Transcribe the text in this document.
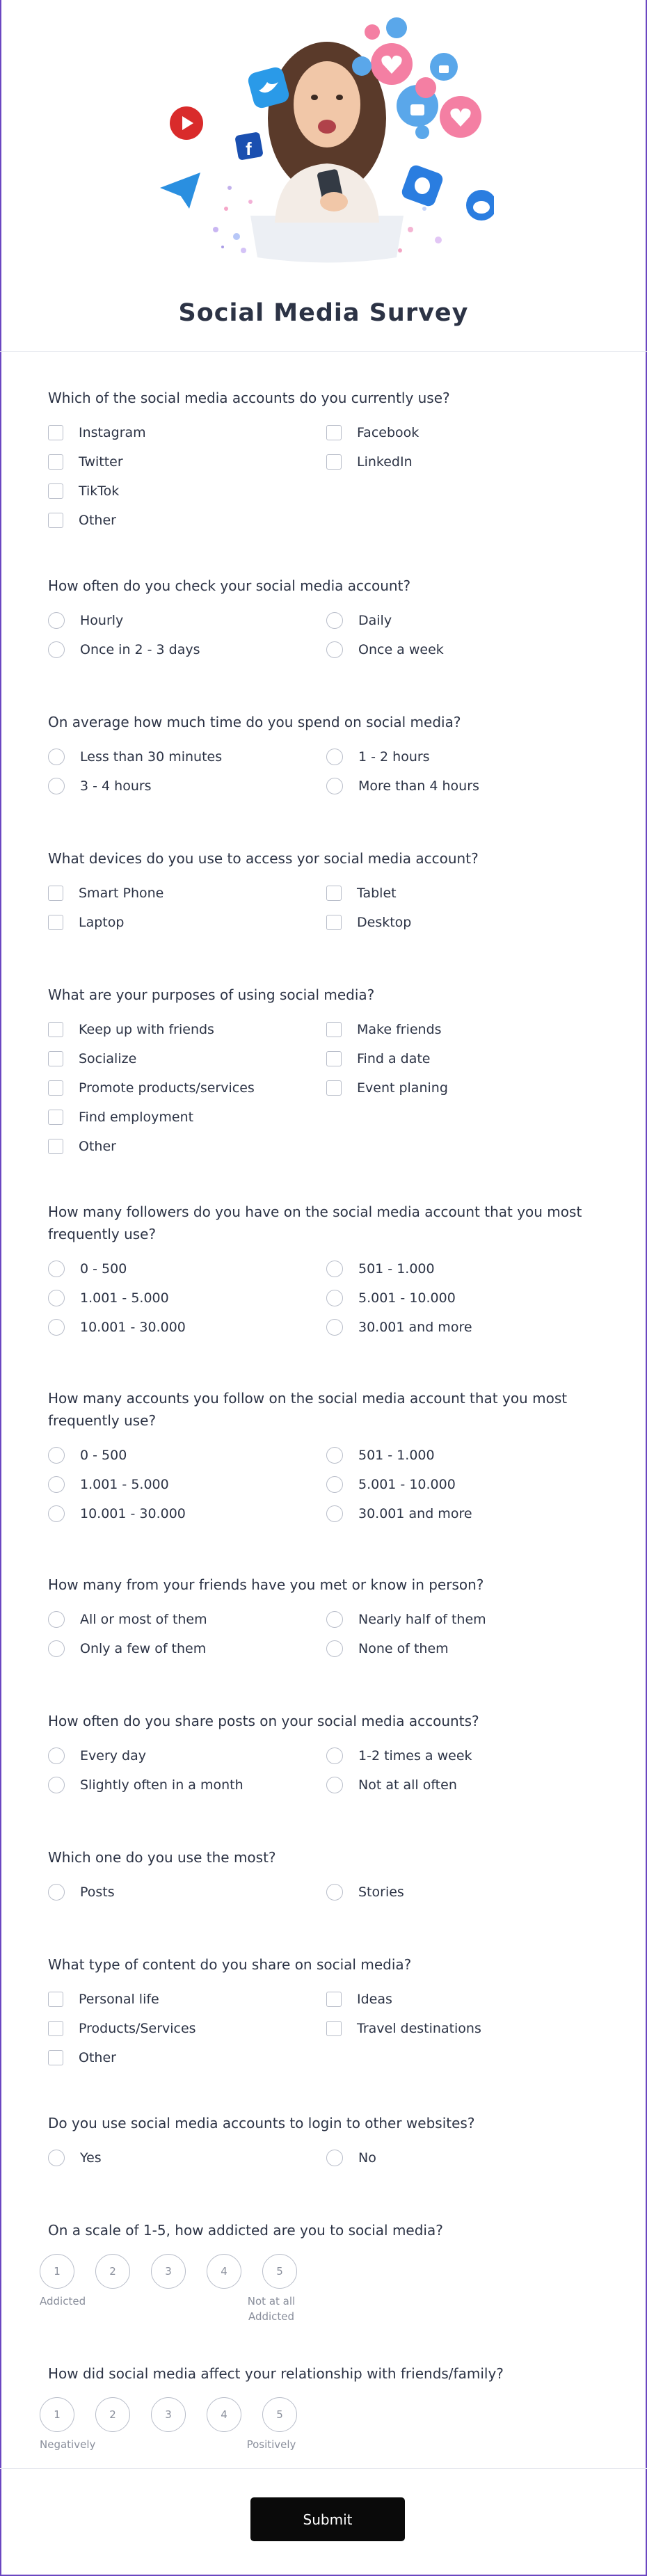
f
Social Media Survey
Which of the social media accounts do you currently use?
Instagram	Facebook
Twitter	LinkedIn
TikTok
Other
How often do you check your social media account?
Hourly	Daily
Once in 2 - 3 days	Once a week
On average how much time do you spend on social media?
Less than 30 minutes	1 - 2 hours
3 - 4 hours	More than 4 hours
What devices do you use to access yor social media account?
Smart Phone	Tablet
Laptop	Desktop
What are your purposes of using social media?
Keep up with friends	Make friends
Socialize	Find a date
Promote products/services	Event planing
Find employment
Other
How many followers do you have on the social media account that you most frequently use?
0 - 500	501 - 1.000
1.001 - 5.000	5.001 - 10.000
10.001 - 30.000	30.001 and more
How many accounts you follow on the social media account that you most frequently use?
0 - 500	501 - 1.000
1.001 - 5.000	5.001 - 10.000
10.001 - 30.000	30.001 and more
How many from your friends have you met or know in person?
All or most of them	Nearly half of them
Only a few of them	None of them
How often do you share posts on your social media accounts?
Every day	1-2 times a week
Slightly often in a month	Not at all often
Which one do you use the most?
Posts	Stories
What type of content do you share on social media?
Personal life	Ideas
Products/Services	Travel destinations
Other
Do you use social media accounts to login to other websites?
Yes	No
On a scale of 1-5, how addicted are you to social media?
1	2	3	4	5
Addicted	Not at all
Addicted
How did social media affect your relationship with friends/family?
1	2	3	4	5
Negatively	Positively
Submit
